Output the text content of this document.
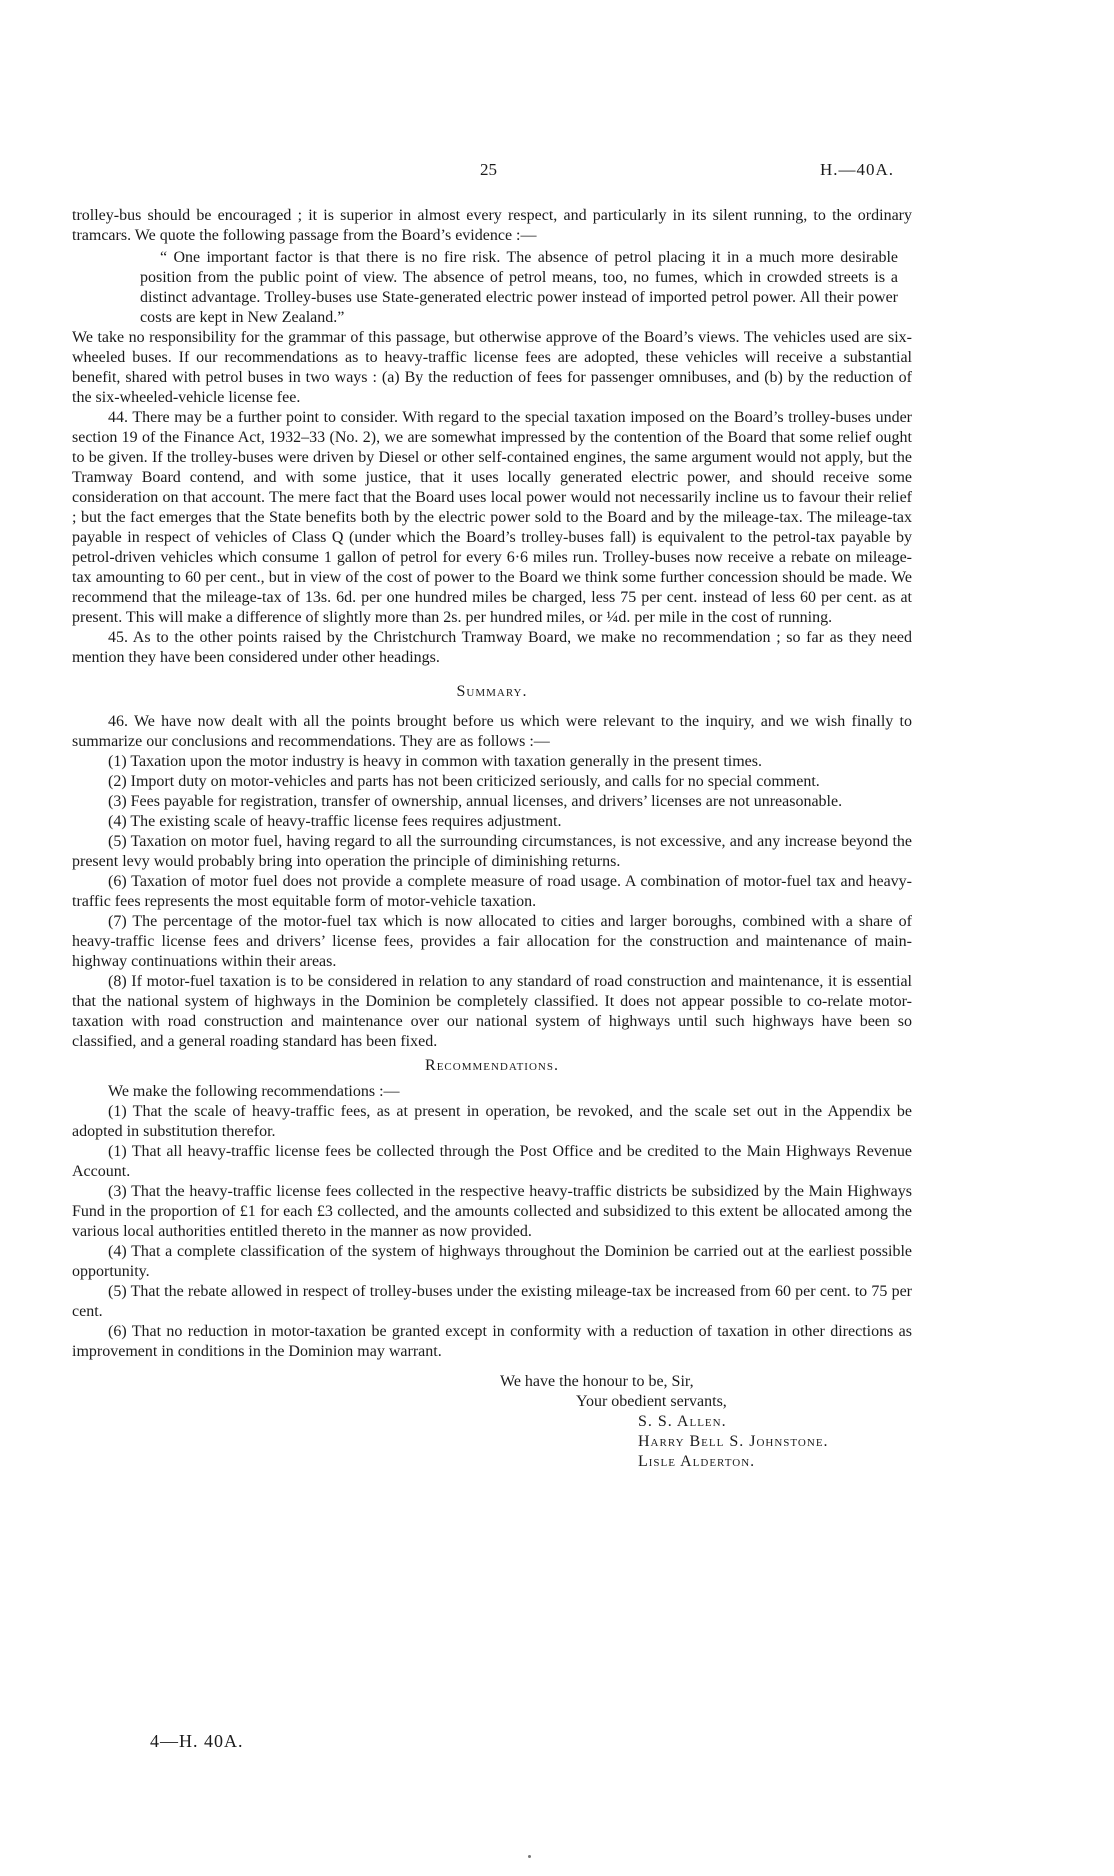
25	H.—40A.

trolley-bus should be encouraged ; it is superior in almost every respect, and particularly in its silent running, to the ordinary tramcars. We quote the following passage from the Board’s evidence :—

“ One important factor is that there is no fire risk. The absence of petrol placing it in a much more desirable position from the public point of view. The absence of petrol means, too, no fumes, which in crowded streets is a distinct advantage. Trolley-buses use State-generated electric power instead of imported petrol power. All their power costs are kept in New Zealand.”

We take no responsibility for the grammar of this passage, but otherwise approve of the Board’s views. The vehicles used are six-wheeled buses. If our recommendations as to heavy-traffic license fees are adopted, these vehicles will receive a substantial benefit, shared with petrol buses in two ways : (a) By the reduction of fees for passenger omnibuses, and (b) by the reduction of the six-wheeled-vehicle license fee.

44. There may be a further point to consider. With regard to the special taxation imposed on the Board’s trolley-buses under section 19 of the Finance Act, 1932–33 (No. 2), we are somewhat impressed by the contention of the Board that some relief ought to be given. If the trolley-buses were driven by Diesel or other self-contained engines, the same argument would not apply, but the Tramway Board contend, and with some justice, that it uses locally generated electric power, and should receive some consideration on that account. The mere fact that the Board uses local power would not necessarily incline us to favour their relief ; but the fact emerges that the State benefits both by the electric power sold to the Board and by the mileage-tax. The mileage-tax payable in respect of vehicles of Class Q (under which the Board’s trolley-buses fall) is equivalent to the petrol-tax payable by petrol-driven vehicles which consume 1 gallon of petrol for every 6·6 miles run. Trolley-buses now receive a rebate on mileage-tax amounting to 60 per cent., but in view of the cost of power to the Board we think some further concession should be made. We recommend that the mileage-tax of 13s. 6d. per one hundred miles be charged, less 75 per cent. instead of less 60 per cent. as at present. This will make a difference of slightly more than 2s. per hundred miles, or ¼d. per mile in the cost of running.

45. As to the other points raised by the Christchurch Tramway Board, we make no recommendation ; so far as they need mention they have been considered under other headings.

Summary.

46. We have now dealt with all the points brought before us which were relevant to the inquiry, and we wish finally to summarize our conclusions and recommendations. They are as follows :—

(1) Taxation upon the motor industry is heavy in common with taxation generally in the present times.

(2) Import duty on motor-vehicles and parts has not been criticized seriously, and calls for no special comment.

(3) Fees payable for registration, transfer of ownership, annual licenses, and drivers’ licenses are not unreasonable.

(4) The existing scale of heavy-traffic license fees requires adjustment.

(5) Taxation on motor fuel, having regard to all the surrounding circumstances, is not excessive, and any increase beyond the present levy would probably bring into operation the principle of diminishing returns.

(6) Taxation of motor fuel does not provide a complete measure of road usage. A combination of motor-fuel tax and heavy-traffic fees represents the most equitable form of motor-vehicle taxation.

(7) The percentage of the motor-fuel tax which is now allocated to cities and larger boroughs, combined with a share of heavy-traffic license fees and drivers’ license fees, provides a fair allocation for the construction and maintenance of main-highway continuations within their areas.

(8) If motor-fuel taxation is to be considered in relation to any standard of road construction and maintenance, it is essential that the national system of highways in the Dominion be completely classified. It does not appear possible to co-relate motor-taxation with road construction and maintenance over our national system of highways until such highways have been so classified, and a general roading standard has been fixed.

Recommendations.

We make the following recommendations :—

(1) That the scale of heavy-traffic fees, as at present in operation, be revoked, and the scale set out in the Appendix be adopted in substitution therefor.

(1) That all heavy-traffic license fees be collected through the Post Office and be credited to the Main Highways Revenue Account.

(3) That the heavy-traffic license fees collected in the respective heavy-traffic districts be subsidized by the Main Highways Fund in the proportion of £1 for each £3 collected, and the amounts collected and subsidized to this extent be allocated among the various local authorities entitled thereto in the manner as now provided.

(4) That a complete classification of the system of highways throughout the Dominion be carried out at the earliest possible opportunity.

(5) That the rebate allowed in respect of trolley-buses under the existing mileage-tax be increased from 60 per cent. to 75 per cent.

(6) That no reduction in motor-taxation be granted except in conformity with a reduction of taxation in other directions as improvement in conditions in the Dominion may warrant.

We have the honour to be, Sir,

Your obedient servants,

S. S. Allen.

Harry Bell S. Johnstone.

Lisle Alderton.

4—H. 40A.
